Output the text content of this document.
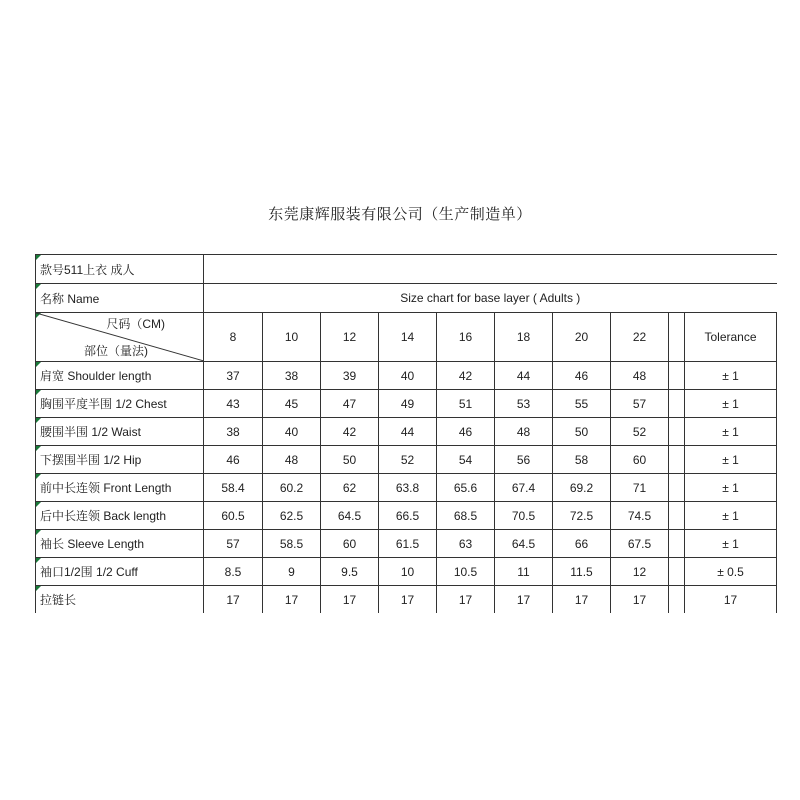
东莞康辉服装有限公司（生产制造单）
款号511上衣 成人										

名称 Name	Size chart for base layer ( Adults )									

尺码（CM)
部位（量法)	8	10	12	14	16	18	20	22		Tolerance

肩宽 Shoulder length	37	38	39	40	42	44	46	48		± 1

胸围平度半围 1/2 Chest	43	45	47	49	51	53	55	57		± 1

腰围半围 1/2 Waist	38	40	42	44	46	48	50	52		± 1

下摆围半围 1/2 Hip	46	48	50	52	54	56	58	60		± 1

前中长连领 Front Length	58.4	60.2	62	63.8	65.6	67.4	69.2	71		± 1

后中长连领 Back length	60.5	62.5	64.5	66.5	68.5	70.5	72.5	74.5		± 1

袖长 Sleeve Length	57	58.5	60	61.5	63	64.5	66	67.5		± 1

袖口1/2围 1/2 Cuff	8.5	9	9.5	10	10.5	11	11.5	12		± 0.5

拉链长	17	17	17	17	17	17	17	17		17
